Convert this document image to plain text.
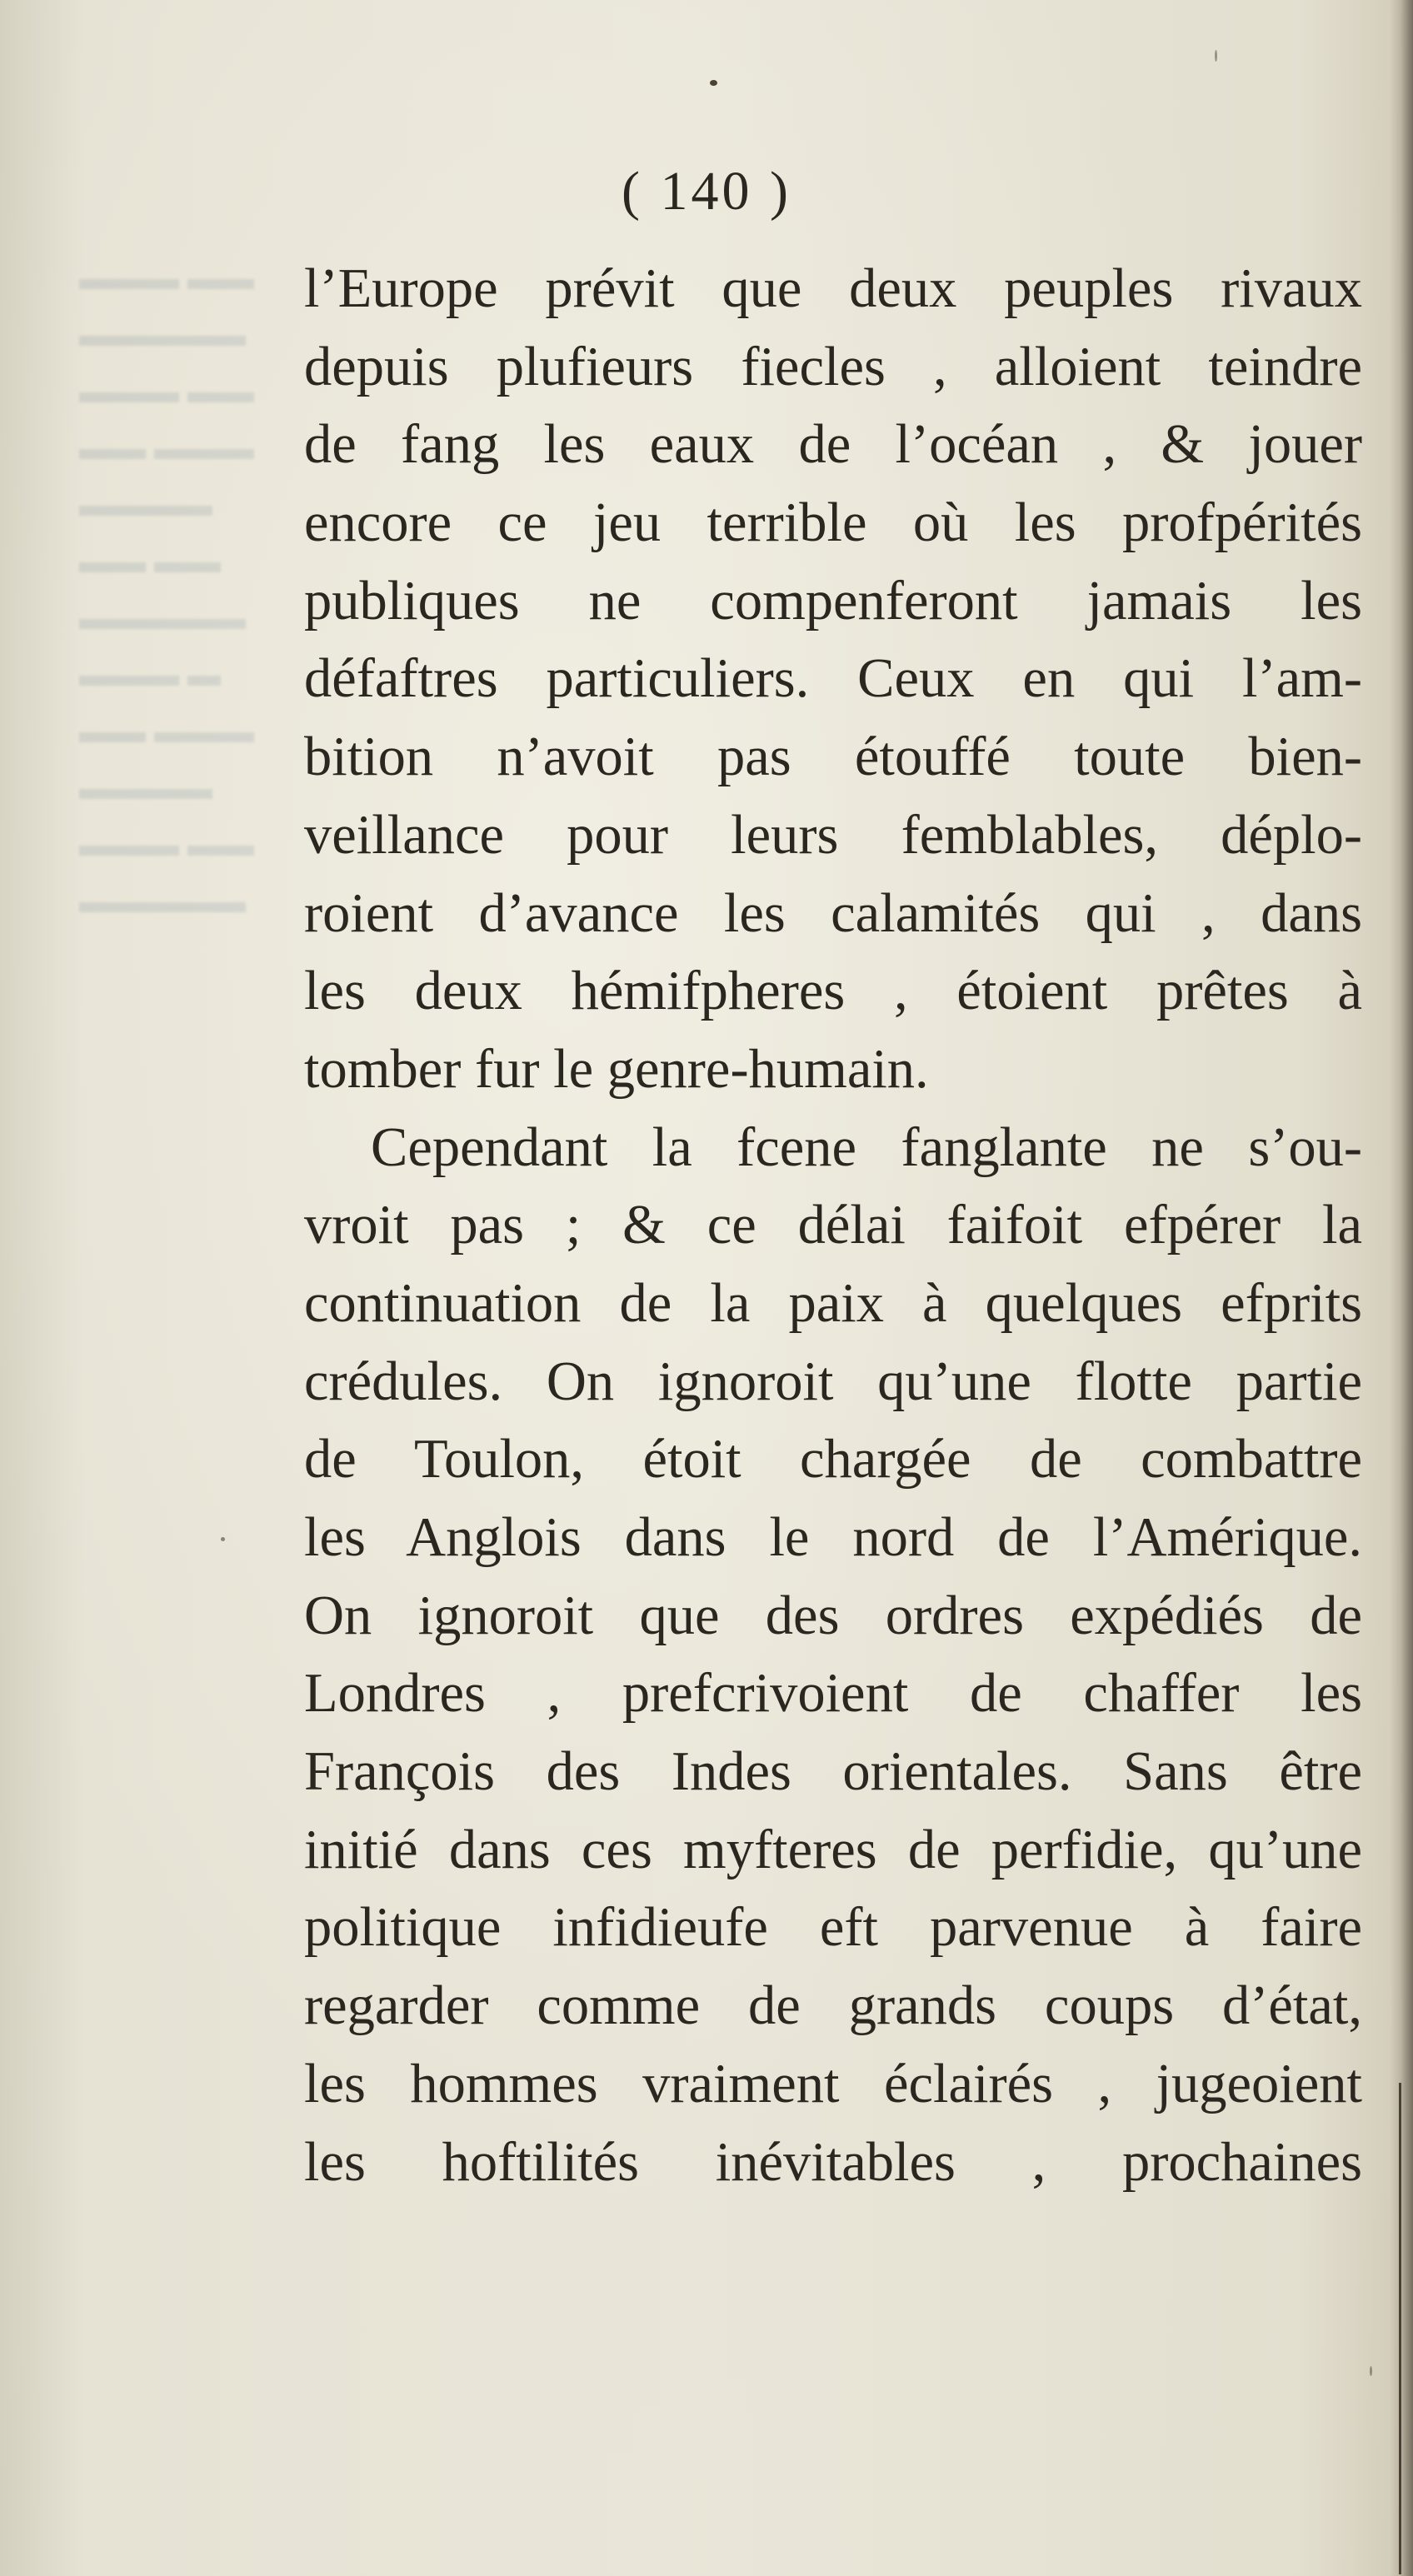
▬▬▬ ▬▬
▬▬▬▬▬
▬▬▬ ▬▬
▬▬ ▬▬▬
▬▬▬▬
▬▬ ▬▬
▬▬▬▬▬
▬▬▬ ▬
▬▬ ▬▬▬
▬▬▬▬
▬▬▬ ▬▬
▬▬▬▬▬
( 140 )
l’Europe prévit que deux peuples rivaux
depuis plufieurs fiecles , alloient teindre
de fang les eaux de l’océan , & jouer
encore ce jeu terrible où les profpérités
publiques ne compenferont jamais les
défaftres particuliers. Ceux en qui l’am-
bition n’avoit pas étouffé toute bien-
veillance pour leurs femblables, déplo-
roient d’avance les calamités qui , dans
les deux hémifpheres , étoient prêtes à
tomber fur le genre-humain.
Cependant la fcene fanglante ne s’ou-
vroit pas ; & ce délai faifoit efpérer la
continuation de la paix à quelques efprits
crédules. On ignoroit qu’une flotte partie
de Toulon, étoit chargée de combattre
les Anglois dans le nord de l’Amérique.
On ignoroit que des ordres expédiés de
Londres , prefcrivoient de chaffer les
François des Indes orientales. Sans être
initié dans ces myfteres de perfidie, qu’une
politique infidieufe eft parvenue à faire
regarder comme de grands coups d’état,
les hommes vraiment éclairés , jugeoient
les hoftilités inévitables , prochaines
